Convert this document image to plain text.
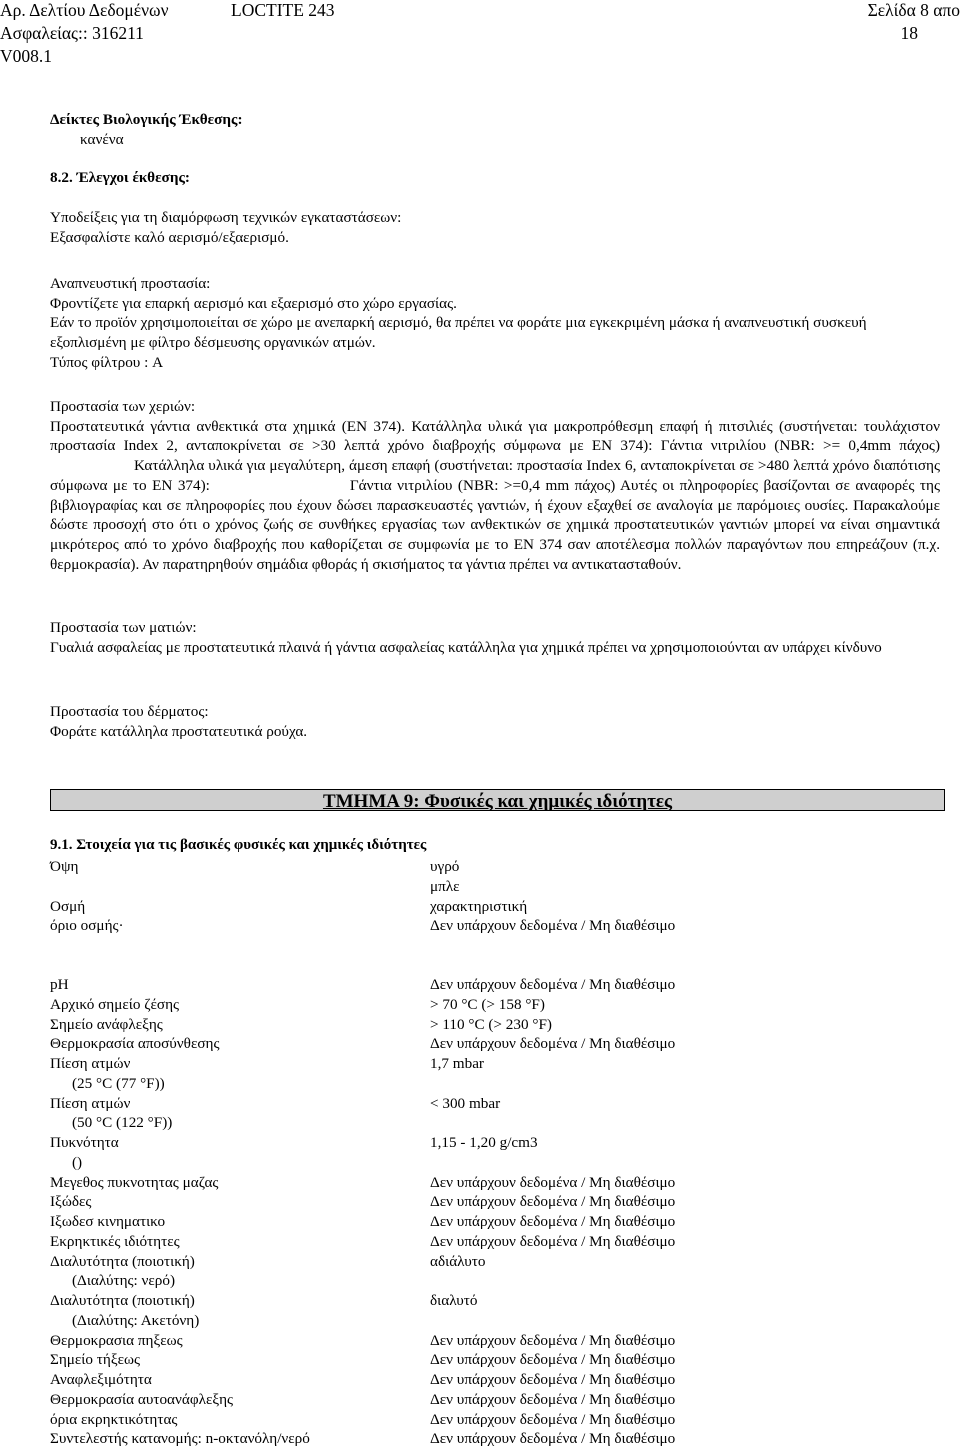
Αρ. Δελτίου Δεδομένων
Ασφαλείας:: 316211
V008.1
LOCTITE 243	Σελίδα 8 απο
18
Δείκτες Βιολογικής Έκθεσης:
κανένα
8.2. Έλεγχοι έκθεσης:
Υποδείξεις για τη διαμόρφωση τεχνικών εγκαταστάσεων:
Εξασφαλίστε καλό αερισμό/εξαερισμό.
Αναπνευστική προστασία:
Φροντίζετε για επαρκή αερισμό και εξαερισμό στο χώρο εργασίας.
Εάν το προϊόν χρησιμοποιείται σε χώρο με ανεπαρκή αερισμό, θα πρέπει να φοράτε μια εγκεκριμένη μάσκα ή αναπνευστική συσκευή εξοπλισμένη με φίλτρο δέσμευσης οργανικών ατμών.
Τύπος φίλτρου : A
Προστασία των χεριών:
Προστατευτικά γάντια ανθεκτικά στα χημικά (EN 374). Κατάλληλα υλικά για μακροπρόθεσμη επαφή ή πιτσιλιές (συστήνεται: τουλάχιστον προστασία Index 2, ανταποκρίνεται σε >30 λεπτά χρόνο διαβροχής σύμφωνα με EN 374): Γάντια νιτριλίου (NBR: >= 0,4mm πάχος)Κατάλληλα υλικά για μεγαλύτερη, άμεση επαφή (συστήνεται: προστασία Index 6, ανταποκρίνεται σε >480 λεπτά χρόνο διαπότισης σύμφωνα με το EN 374):	Γάντια νιτριλίου (NBR: >=0,4 mm πάχος) Αυτές οι πληροφορίες βασίζονται σε αναφορές της βιβλιογραφίας και σε πληροφορίες που έχουν δώσει παρασκευαστές γαντιών, ή έχουν εξαχθεί σε αναλογία με παρόμοιες ουσίες. Παρακαλούμε δώστε προσοχή στο ότι ο χρόνος ζωής σε συνθήκες εργασίας των ανθεκτικών σε χημικά προστατευτικών γαντιών μπορεί να είναι σημαντικά μικρότερος από το χρόνο διαβροχής που καθορίζεται σε συμφωνία με το EN 374 σαν αποτέλεσμα πολλών παραγόντων που επηρεάζουν (π.χ. θερμοκρασία). Αν παρατηρηθούν σημάδια φθοράς ή σκισήματος τα γάντια πρέπει να αντικατασταθούν.
Προστασία των ματιών:
Γυαλιά ασφαλείας με προστατευτικά πλαινά ή γάντια ασφαλείας κατάλληλα για χημικά πρέπει να χρησιμοποιούνται αν υπάρχει κίνδυνο
Προστασία του δέρματος:
Φοράτε κατάλληλα προστατευτικά ρούχα.
ΤΜΗΜΑ 9: Φυσικές και χημικές ιδιότητες
9.1. Στοιχεία για τις βασικές φυσικές και χημικές ιδιότητες
Όψη	υγρό
μπλε
Οσμή	χαρακτηριστική
όριο οσμής·	Δεν υπάρχουν δεδομένα / Μη διαθέσιμο
pH	Δεν υπάρχουν δεδομένα / Μη διαθέσιμο
Αρχικό σημείο ζέσης	> 70 °C (> 158 °F)
Σημείο ανάφλεξης	> 110 °C (> 230 °F)
Θερμοκρασία αποσύνθεσης	Δεν υπάρχουν δεδομένα / Μη διαθέσιμο
Πίεση ατμών	1,7 mbar
(25 °C (77 °F))
Πίεση ατμών	< 300 mbar
(50 °C (122 °F))
Πυκνότητα	1,15 - 1,20 g/cm3
()
Μεγεθος πυκνοτητας μαζας	Δεν υπάρχουν δεδομένα / Μη διαθέσιμο
Ιξώδες	Δεν υπάρχουν δεδομένα / Μη διαθέσιμο
Ιξωδεσ κινηματικο	Δεν υπάρχουν δεδομένα / Μη διαθέσιμο
Εκρηκτικές ιδιότητες	Δεν υπάρχουν δεδομένα / Μη διαθέσιμο
Διαλυτότητα (ποιοτική)	αδιάλυτο
(Διαλύτης: νερό)
Διαλυτότητα (ποιοτική)	διαλυτό
(Διαλύτης: Ακετόνη)
Θερμοκρασια πηξεως	Δεν υπάρχουν δεδομένα / Μη διαθέσιμο
Σημείο τήξεως	Δεν υπάρχουν δεδομένα / Μη διαθέσιμο
Αναφλεξιμότητα	Δεν υπάρχουν δεδομένα / Μη διαθέσιμο
Θερμοκρασία αυτοανάφλεξης	Δεν υπάρχουν δεδομένα / Μη διαθέσιμο
όρια εκρηκτικότητας	Δεν υπάρχουν δεδομένα / Μη διαθέσιμο
Συντελεστής κατανομής: n-οκτανόλη/νερό	Δεν υπάρχουν δεδομένα / Μη διαθέσιμο
